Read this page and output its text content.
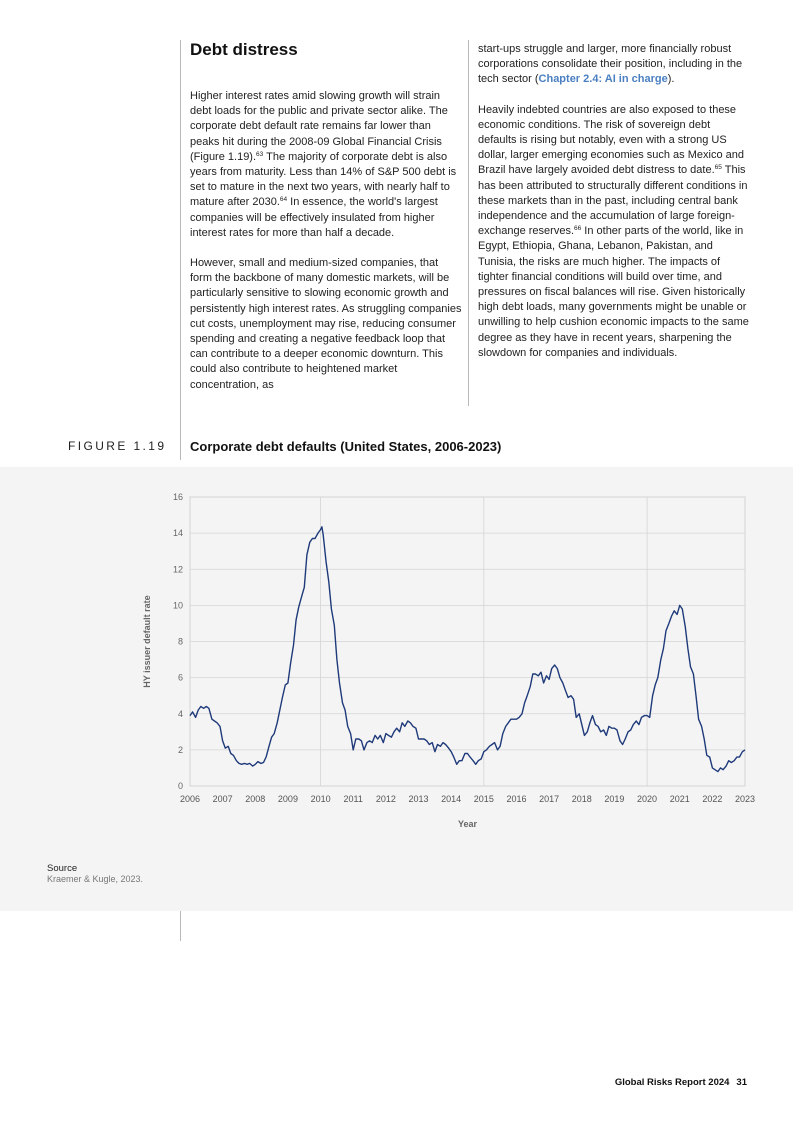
Debt distress

Higher interest rates amid slowing growth will strain debt loads for the public and private sector alike. The corporate debt default rate remains far lower than peaks hit during the 2008-09 Global Financial Crisis (Figure 1.19).$^{63}$ The majority of corporate debt is also years from maturity. Less than 14% of S&P 500 debt is set to mature in the next two years, with nearly half to mature after 2030.64 In essence, the world's largest companies will be effectively insulated from higher interest rates for more than half a decade.

However, small and medium-sized companies, that form the backbone of many domestic markets, will be particularly sensitive to slowing economic growth and persistently high interest rates. As struggling companies cut costs, unemployment may rise, reducing consumer spending and creating a negative feedback loop that can contribute to a deeper economic downturn. This could also contribute to heightened market concentration, as

start-ups struggle and larger, more financially robust corporations consolidate their position, including in the tech sector (Chapter 2.4: AI in charge).

Heavily indebted countries are also exposed to these economic conditions. The risk of sovereign debt defaults is rising but notably, even with a strong US dollar, larger emerging economies such as Mexico and Brazil have largely avoided debt distress to date.$^{65}$ This has been attributed to structurally different conditions in these markets than in the past, including central bank independence and the accumulation of large foreign-exchange reserves.$^{66}$ In other parts of the world, like in Egypt, Ethiopia, Ghana, Lebanon, Pakistan, and Tunisia, the risks are much higher. The impacts of tighter financial conditions will build over time, and pressures on fiscal balances will rise. Given historically high debt loads, many governments might be unable or unwilling to help cushion economic impacts to the same degree as they have in recent years, sharpening the slowdown for companies and individuals.

FIGURE 1.19 Corporate debt defaults (United States, 2006-2023)
0
2
4
6
8
10
12
14
16
2006 2007 2008 2009 2010 2011 2012 2013 2014 2015 2016 2017 2018 2019 2020 2021 2022 2023
Year
HY issuer default rate
Source
Kraemer & Kugle, 2023.
Global Risks Report 2024 31
